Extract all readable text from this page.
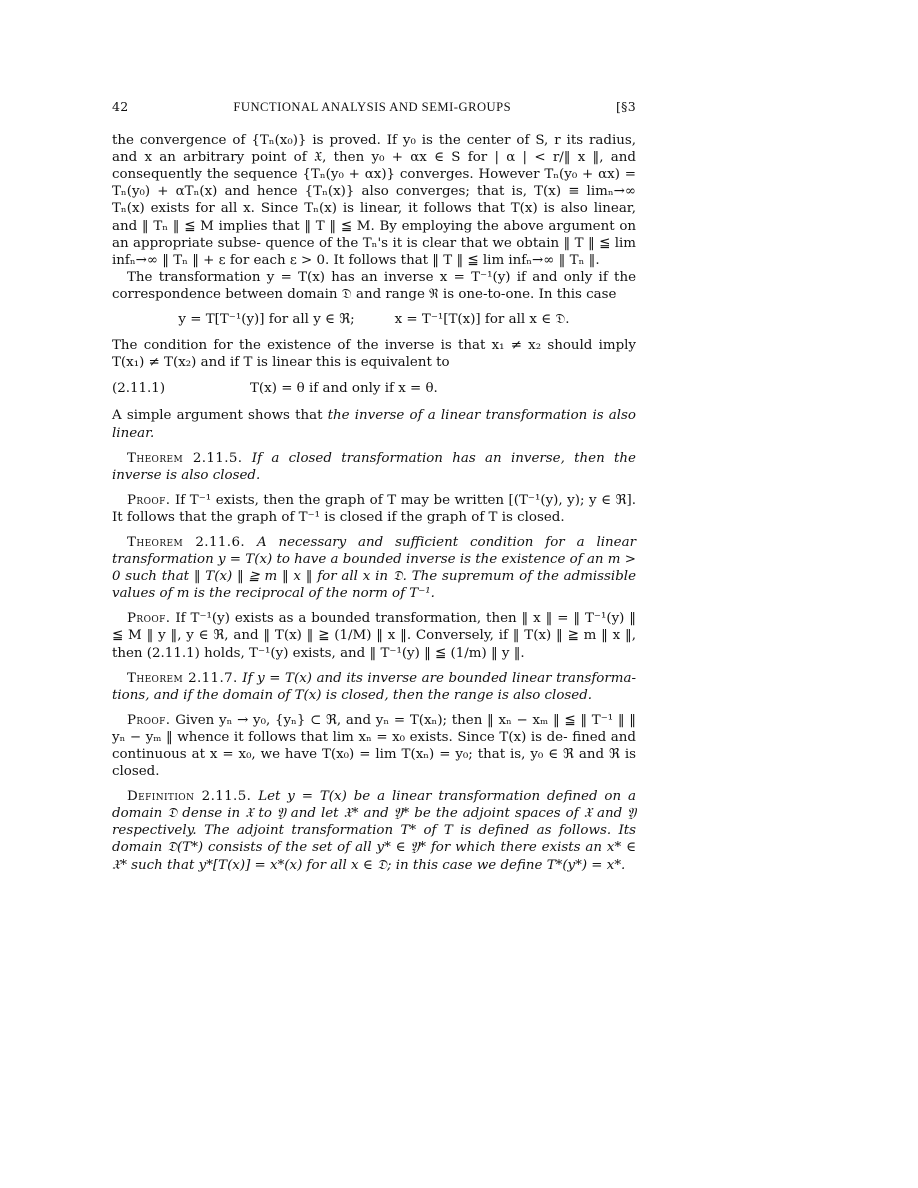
42	FUNCTIONAL ANALYSIS AND SEMI-GROUPS	[§3

the convergence of {Tₙ(x₀)} is proved. If y₀ is the center of S, r its radius, and x an arbitrary point of 𝔛, then y₀ + αx ∈ S for | α | < r/‖ x ‖, and consequently the sequence {Tₙ(y₀ + αx)} converges. However Tₙ(y₀ + αx) = Tₙ(y₀) + αTₙ(x) and hence {Tₙ(x)} also converges; that is, T(x) ≡ limₙ→∞ Tₙ(x) exists for all x. Since Tₙ(x) is linear, it follows that T(x) is also linear, and ‖ Tₙ ‖ ≦ M implies that ‖ T ‖ ≦ M. By employing the above argument on an appropriate subse- quence of the Tₙ's it is clear that we obtain ‖ T ‖ ≦ lim infₙ→∞ ‖ Tₙ ‖ + ε for each ε > 0. It follows that ‖ T ‖ ≦ lim infₙ→∞ ‖ Tₙ ‖.

The transformation y = T(x) has an inverse x = T⁻¹(y) if and only if the correspondence between domain 𝔇 and range ℜ is one-to-one. In this case

y = T[T⁻¹(y)] for all y ∈ ℜ;	x = T⁻¹[T(x)] for all x ∈ 𝔇.

The condition for the existence of the inverse is that x₁ ≠ x₂ should imply T(x₁) ≠ T(x₂) and if T is linear this is equivalent to

(2.11.1)	T(x) = θ if and only if x = θ.

A simple argument shows that the inverse of a linear transformation is also linear.

Theorem 2.11.5. If a closed transformation has an inverse, then the inverse is also closed.

Proof. If T⁻¹ exists, then the graph of T may be written [(T⁻¹(y), y); y ∈ ℜ]. It follows that the graph of T⁻¹ is closed if the graph of T is closed.

Theorem 2.11.6. A necessary and sufficient condition for a linear transformation y = T(x) to have a bounded inverse is the existence of an m > 0 such that ‖ T(x) ‖ ≧ m ‖ x ‖ for all x in 𝔇. The supremum of the admissible values of m is the reciprocal of the norm of T⁻¹.

Proof. If T⁻¹(y) exists as a bounded transformation, then ‖ x ‖ = ‖ T⁻¹(y) ‖ ≦ M ‖ y ‖, y ∈ ℜ, and ‖ T(x) ‖ ≧ (1/M) ‖ x ‖. Conversely, if ‖ T(x) ‖ ≧ m ‖ x ‖, then (2.11.1) holds, T⁻¹(y) exists, and ‖ T⁻¹(y) ‖ ≦ (1/m) ‖ y ‖.

Theorem 2.11.7. If y = T(x) and its inverse are bounded linear transforma- tions, and if the domain of T(x) is closed, then the range is also closed.

Proof. Given yₙ → y₀, {yₙ} ⊂ ℜ, and yₙ = T(xₙ); then ‖ xₙ − xₘ ‖ ≦ ‖ T⁻¹ ‖ ‖ yₙ − yₘ ‖ whence it follows that lim xₙ = x₀ exists. Since T(x) is de- fined and continuous at x = x₀, we have T(x₀) = lim T(xₙ) = y₀; that is, y₀ ∈ ℜ and ℜ is closed.

Definition 2.11.5. Let y = T(x) be a linear transformation defined on a domain 𝔇 dense in 𝔛 to 𝔜 and let 𝔛* and 𝔜* be the adjoint spaces of 𝔛 and 𝔜 respectively. The adjoint transformation T* of T is defined as follows. Its domain 𝔇(T*) consists of the set of all y* ∈ 𝔜* for which there exists an x* ∈ 𝔛* such that y*[T(x)] = x*(x) for all x ∈ 𝔇; in this case we define T*(y*) = x*.
